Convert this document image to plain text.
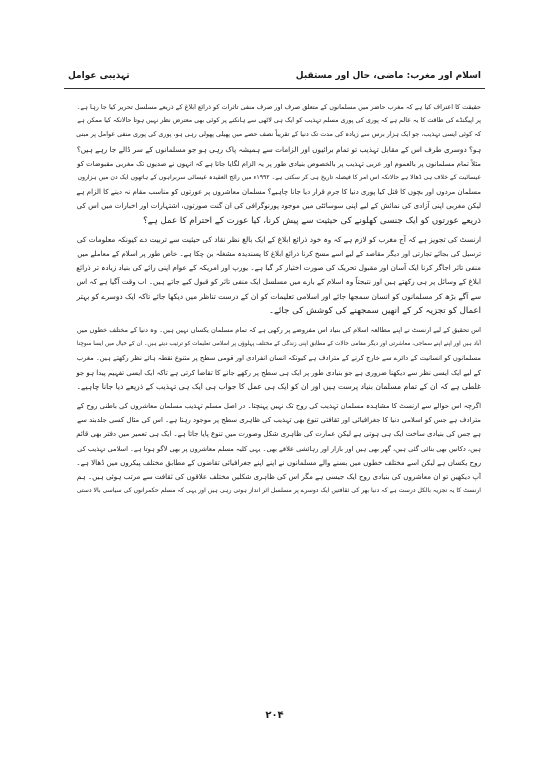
تہذیبی عوامل	اسلام اور مغرب: ماضی، حال اور مستقبل

حقیقت کا اعتراف کیا ہے کہ مغرب حاضر میں مسلمانوں کے متعلق صرف اور صرف منفی تاثرات کو ذرائع ابلاغ کے ذریعے مسلسل تحریر کیا جا رہا ہے۔
پر اپیگنڈے کی طاقت کا یہ عالم ہے کہ پوری کی پوری مسلم تہذیب کو ایک ہی لاٹھی سے ہانکنے پر کوئی بھی معترض نظر نہیں ہوتا حالانکہ کیا ممکن ہے
کہ کوئی ایسی تہذیب، جو ایک ہزار برس سے زیادہ کی مدت تک دنیا کے تقریباً نصف حصے میں پھیلی پھولی رہی ہو، پوری کی پوری منفی عوامل پر مبنی
ہو؟ دوسری طرف اس کے مقابل تہذیب تو تمام برائیوں اور الزامات سے ہمیشہ پاک رہی ہو جو مسلمانوں کے سر ڈالے جا رہے ہیں؟
مثلاً تمام مسلمانوں پر بالعموم اور عربی تہذیب پر بالخصوص بنیادی طور پر یہ الزام لگایا جاتا ہے کہ انہوں نے صدیوں تک مغربی مقبوضات کو
عیسائیت کے خلاف ہی ڈھالا ہے حالانکہ اس امر کا فیصلہ تاریخ ہی کر سکتی ہے۔ ۱۹۹۲ء میں رائج العقیدہ عیسائی سربراہوں کے ہاتھوں ایک دن میں ہزاروں
مسلمان مردوں اور بچوں کا قتل کیا پوری دنیا کا جرم قرار دیا جانا چاہیے؟ مسلمان معاشروں پر عورتوں کو مناسب مقام نہ دینے کا الزام ہے
لیکن مغربی اپنی آزادی کی نمائش کے لیے اپنی سوسائٹی میں موجود پورنوگرافی کی ان گنت صورتوں، اشتہارات اور اخبارات میں اس کی
ذریعے عورتوں کو ایک جنسی کھلونے کی حیثیت سے پیش کرنا، کیا عورت کے احترام کا عمل ہے؟

ارنسٹ کی تجویز ہے کہ آج مغرب کو لازم ہے کہ وہ خود ذرائع ابلاغ کے ایک بالغ نظر نقاد کی حیثیت سے تربیت دے کیونکہ معلومات کی
ترسیل کی بجائے تجارتی اور دیگر مقاصد کے لیے اسے مسخ کرنا ذرائع ابلاغ کا پسندیدہ مشغلہ بن چکا ہے۔ خاص طور پر اسلام کے معاملے میں
منفی تاثر اجاگر کرنا ایک آسان اور مقبول تحریک کی صورت اختیار کر گیا ہے۔ یورپ اور امریکہ کے عوام اپنی رائے کی بنیاد زیادہ تر ذرائع
ابلاغ کے وسائل پر ہی رکھتے ہیں اور نتیجتاً وہ اسلام کے بارے میں مسلسل ایک منفی تاثر کو قبول کیے جاتے ہیں۔ اب وقت آگیا ہے کہ اس
سے آگے بڑھ کر مسلمانوں کو انسان سمجھا جائے اور اسلامی تعلیمات کو ان کے درست تناظر میں دیکھا جائے تاکہ ایک دوسرے کو بہتر
اعمال کو تجزیہ کر کے انھیں سمجھنے کی کوشش کی جائے۔

اس تحقیق کے لیے ارنسٹ نے اپنے مطالعہ اسلام کی بنیاد اس مفروضے پر رکھی ہے کہ تمام مسلمان یکساں نہیں ہیں۔ وہ دنیا کے مختلف خطوں میں
آباد ہیں اور اپنے اپنے سماجی، معاشرتی اور دیگر مقامی حالات کے مطابق اپنی زندگی کے مختلف پہلوؤں پر اسلامی تعلیمات کو ترتیب دیتے ہیں۔ ان کے خیال میں ایسا سوچنا
مسلمانوں کو انسانیت کے دائرے سے خارج کرنے کے مترادف ہے کیونکہ انسان انفرادی اور قومی سطح پر متنوع نقطہ ہائے نظر رکھتے ہیں۔ مغرب
کے لیے ایک ایسی نظر سے دیکھنا ضروری ہے جو بنیادی طور پر ایک ہی سطح پر رکھے جانے کا تقاضا کرتی ہے تاکہ ایک ایسی تفہیم پیدا ہو جو
غلطی ہے کہ ان کے تمام مسلمان بنیاد پرست ہیں اور ان کو ایک ہی عمل کا جواب ہی ایک ہی تہذیب کے ذریعے دیا جانا چاہیے۔

اگرچہ اس حوالے سے ارنسٹ کا مشاہدہ مسلمان تہذیب کی روح تک نہیں پہنچتا۔ در اصل مسلم تہذیب مسلمان معاشروں کی باطنی روح کے
مترادف ہے جس کو اسلامی دنیا کا جغرافیائی اور ثقافتی تنوع بھی تہذیب کی ظاہری سطح پر موجود رہتا ہے۔ اس کی مثال کسی جلدبند سے
ہے جس کی بنیادی ساخت ایک ہی ہوتی ہے لیکن عمارت کی ظاہری شکل وصورت میں تنوع پایا جاتا ہے۔ ایک ہی تعمیر میں دفتر بھی قائم
ہیں، دکانیں بھی بنائی گئی ہیں، گھر بھی ہیں اور بازار اور رہائشی علاقے بھی۔ یہی کلیہ مسلم معاشروں پر بھی لاگو ہوتا ہے۔ اسلامی تہذیب کی
روح یکساں ہے لیکن اسے مختلف خطوں میں بسنے والے مسلمانوں نے اپنے اپنے جغرافیائی تقاضوں کے مطابق مختلف پیکروں میں ڈھالا ہے۔
آپ دیکھیں تو ان معاشروں کی بنیادی روح ایک جیسی ہے مگر اس کی ظاہری شکلیں مختلف علاقوں کی ثقافت سے مرتب ہوئی ہیں۔ ہم
ارنسٹ کا یہ تجزیہ بالکل درست ہے کہ دنیا بھر کی ثقافتیں ایک دوسرے پر مسلسل اثر انداز ہوتی رہی ہیں اور یہی کہ مسلم حکمرانوں کی سیاسی بالا دستی

۲۰۴
